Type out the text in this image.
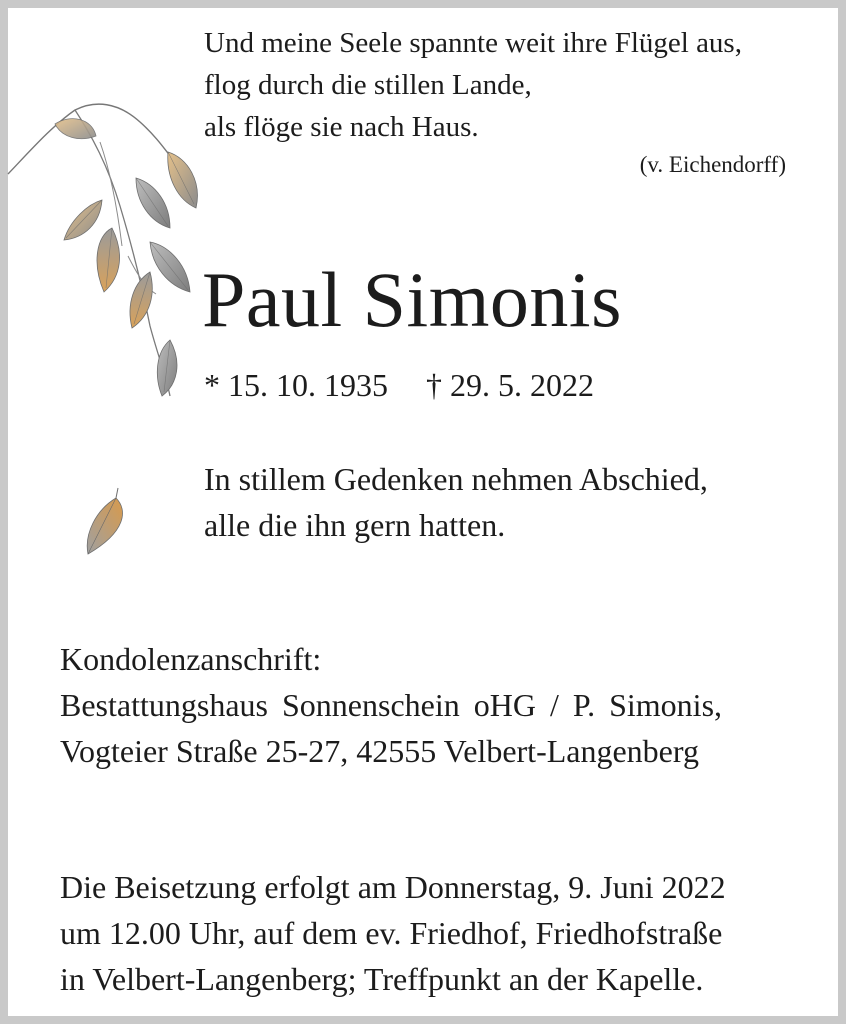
Und meine Seele spannte weit ihre Flügel aus,
flog durch die stillen Lande,
als flöge sie nach Haus.
(v. Eichendorff)
Paul Simonis
* 15. 10. 1935 † 29. 5. 2022
In stillem Gedenken nehmen Abschied,
alle die ihn gern hatten.
Kondolenzanschrift:
Bestattungshaus Sonnenschein oHG / P. Simonis,
Vogteier Straße 25-27, 42555 Velbert-Langenberg
Die Beisetzung erfolgt am Donnerstag, 9. Juni 2022
um 12.00 Uhr, auf dem ev. Friedhof, Friedhofstraße
in Velbert-Langenberg; Treffpunkt an der Kapelle.
